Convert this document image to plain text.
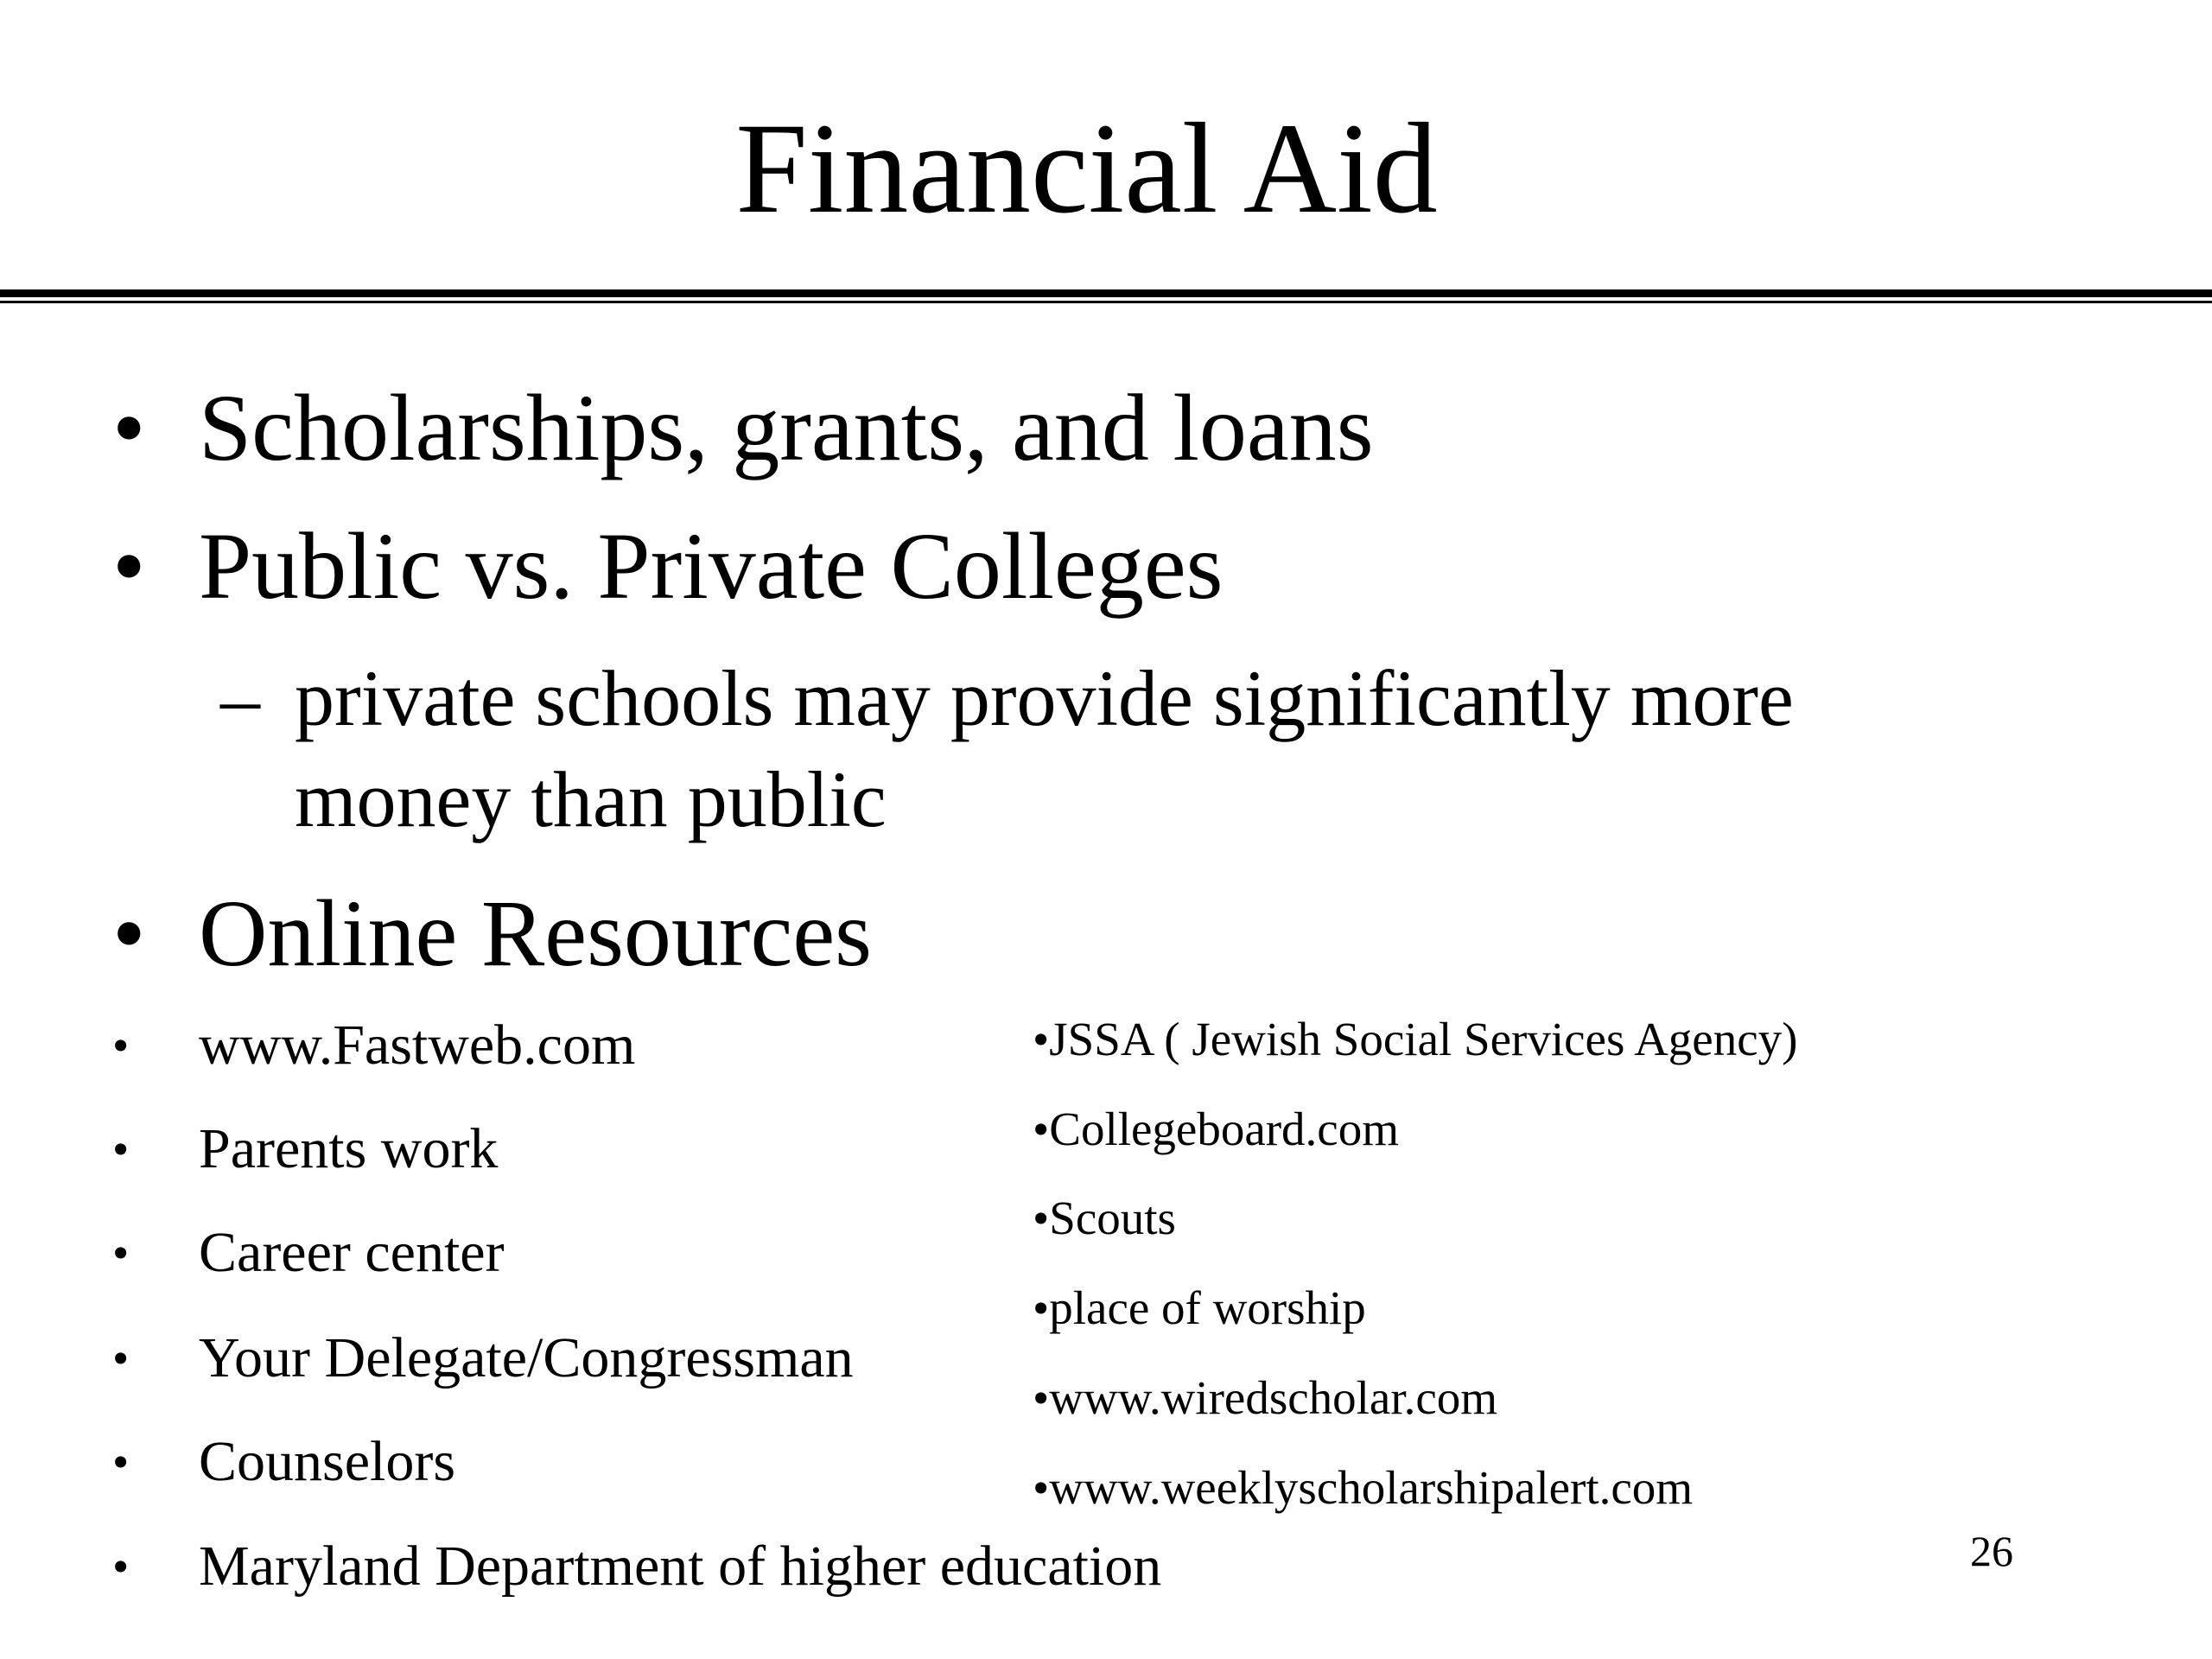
Financial Aid
• Scholarships, grants, and loans
• Public vs. Private Colleges
– private schools may provide significantly more money than public
• Online Resources
• www.Fastweb.com
• Parents work
• Career center
• Your Delegate/Congressman
• Counselors
• Maryland Department of higher education
•JSSA ( Jewish Social Services Agency)
•Collegeboard.com
•Scouts
•place of worship
•www.wiredscholar.com
•www.weeklyscholarshipalert.com
26
